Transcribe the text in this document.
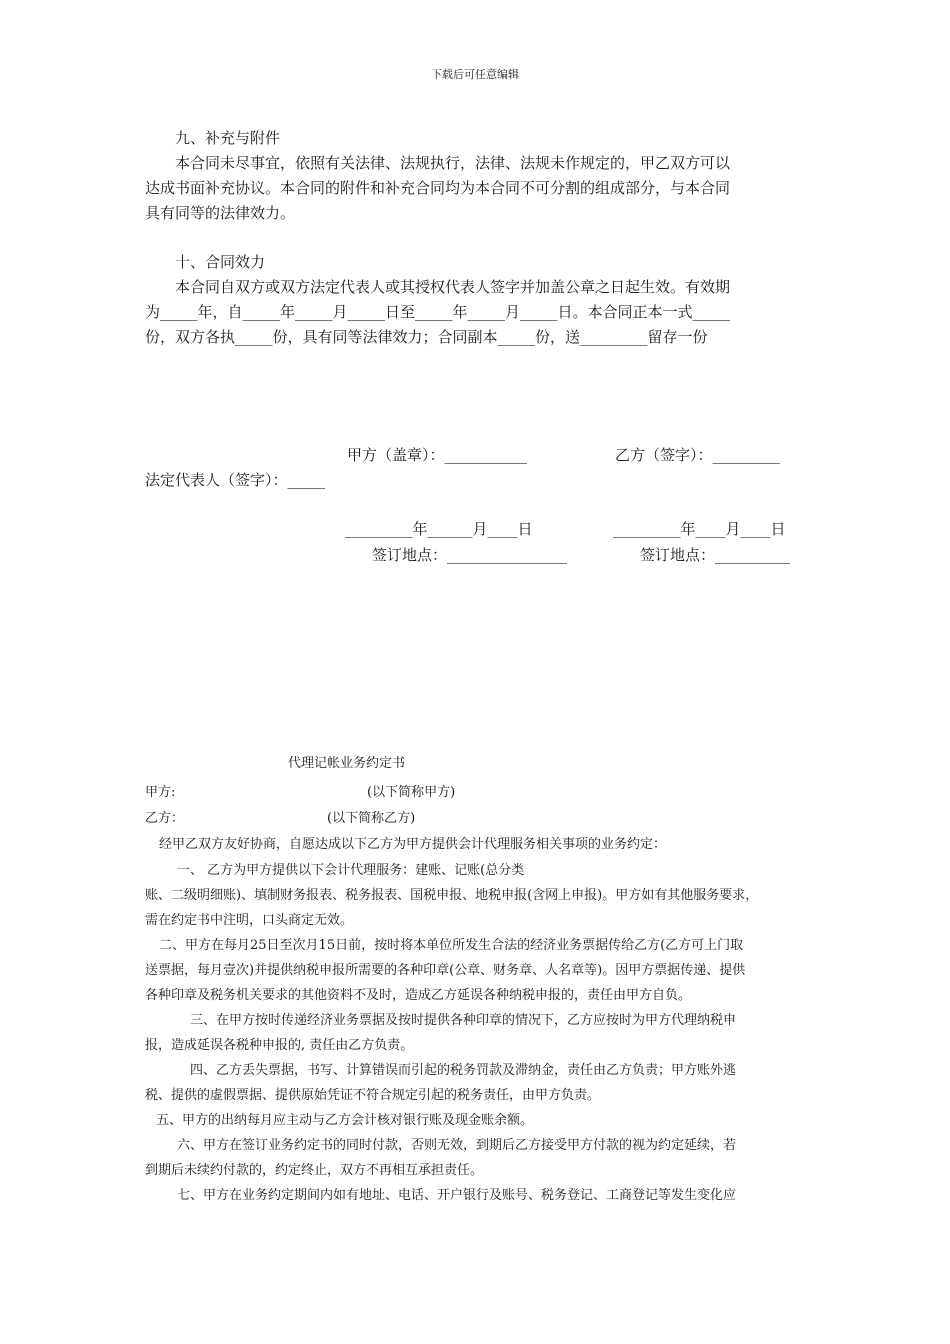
下载后可任意编辑
九、补充与附件
本合同未尽事宜，依照有关法律、法规执行，法律、法规未作规定的，甲乙双方可以
达成书面补充协议。本合同的附件和补充合同均为本合同不可分割的组成部分，与本合同
具有同等的法律效力。
十、合同效力
本合同自双方或双方法定代表人或其授权代表人签字并加盖公章之日起生效。有效期
为_____年，自_____年_____月_____日至_____年_____月_____日。本合同正本一式_____
份，双方各执_____份，具有同等法律效力；合同副本_____份，送_________留存一份
甲方（盖章）：___________	乙方（签字）：_________
法定代表人（签字）：_____
_________年______月____日	_________年____月____日
签订地点：________________	签订地点：__________
代理记帐业务约定书
甲方:	(以下简称甲方)
乙方：	(以下简称乙方)
经甲乙双方友好协商，自愿达成以下乙方为甲方提供会计代理服务相关事项的业务约定：
一、 乙方为甲方提供以下会计代理服务：建账、记账(总分类
账、二级明细账)、填制财务报表、税务报表、国税申报、地税申报(含网上申报)。甲方如有其他服务要求，
需在约定书中注明，口头商定无效。
二、甲方在每月25日至次月15日前，按时将本单位所发生合法的经济业务票据传给乙方(乙方可上门取
送票据，每月壹次)并提供纳税申报所需要的各种印章(公章、财务章、人名章等)。因甲方票据传递、提供
各种印章及税务机关要求的其他资料不及时，造成乙方延误各种纳税申报的，责任由甲方自负。
三、在甲方按时传递经济业务票据及按时提供各种印章的情况下，乙方应按时为甲方代理纳税申
报，造成延误各税种申报的, 责任由乙方负责。
四、乙方丢失票据，书写、计算错误而引起的税务罚款及滞纳金，责任由乙方负责；甲方账外逃
税、提供的虚假票据、提供原始凭证不符合规定引起的税务责任，由甲方负责。
五、甲方的出纳每月应主动与乙方会计核对银行账及现金账余额。
六、甲方在签订业务约定书的同时付款，否则无效，到期后乙方接受甲方付款的视为约定延续，若
到期后未续约付款的，约定终止，双方不再相互承担责任。
七、甲方在业务约定期间内如有地址、电话、开户银行及账号、税务登记、工商登记等发生变化应
